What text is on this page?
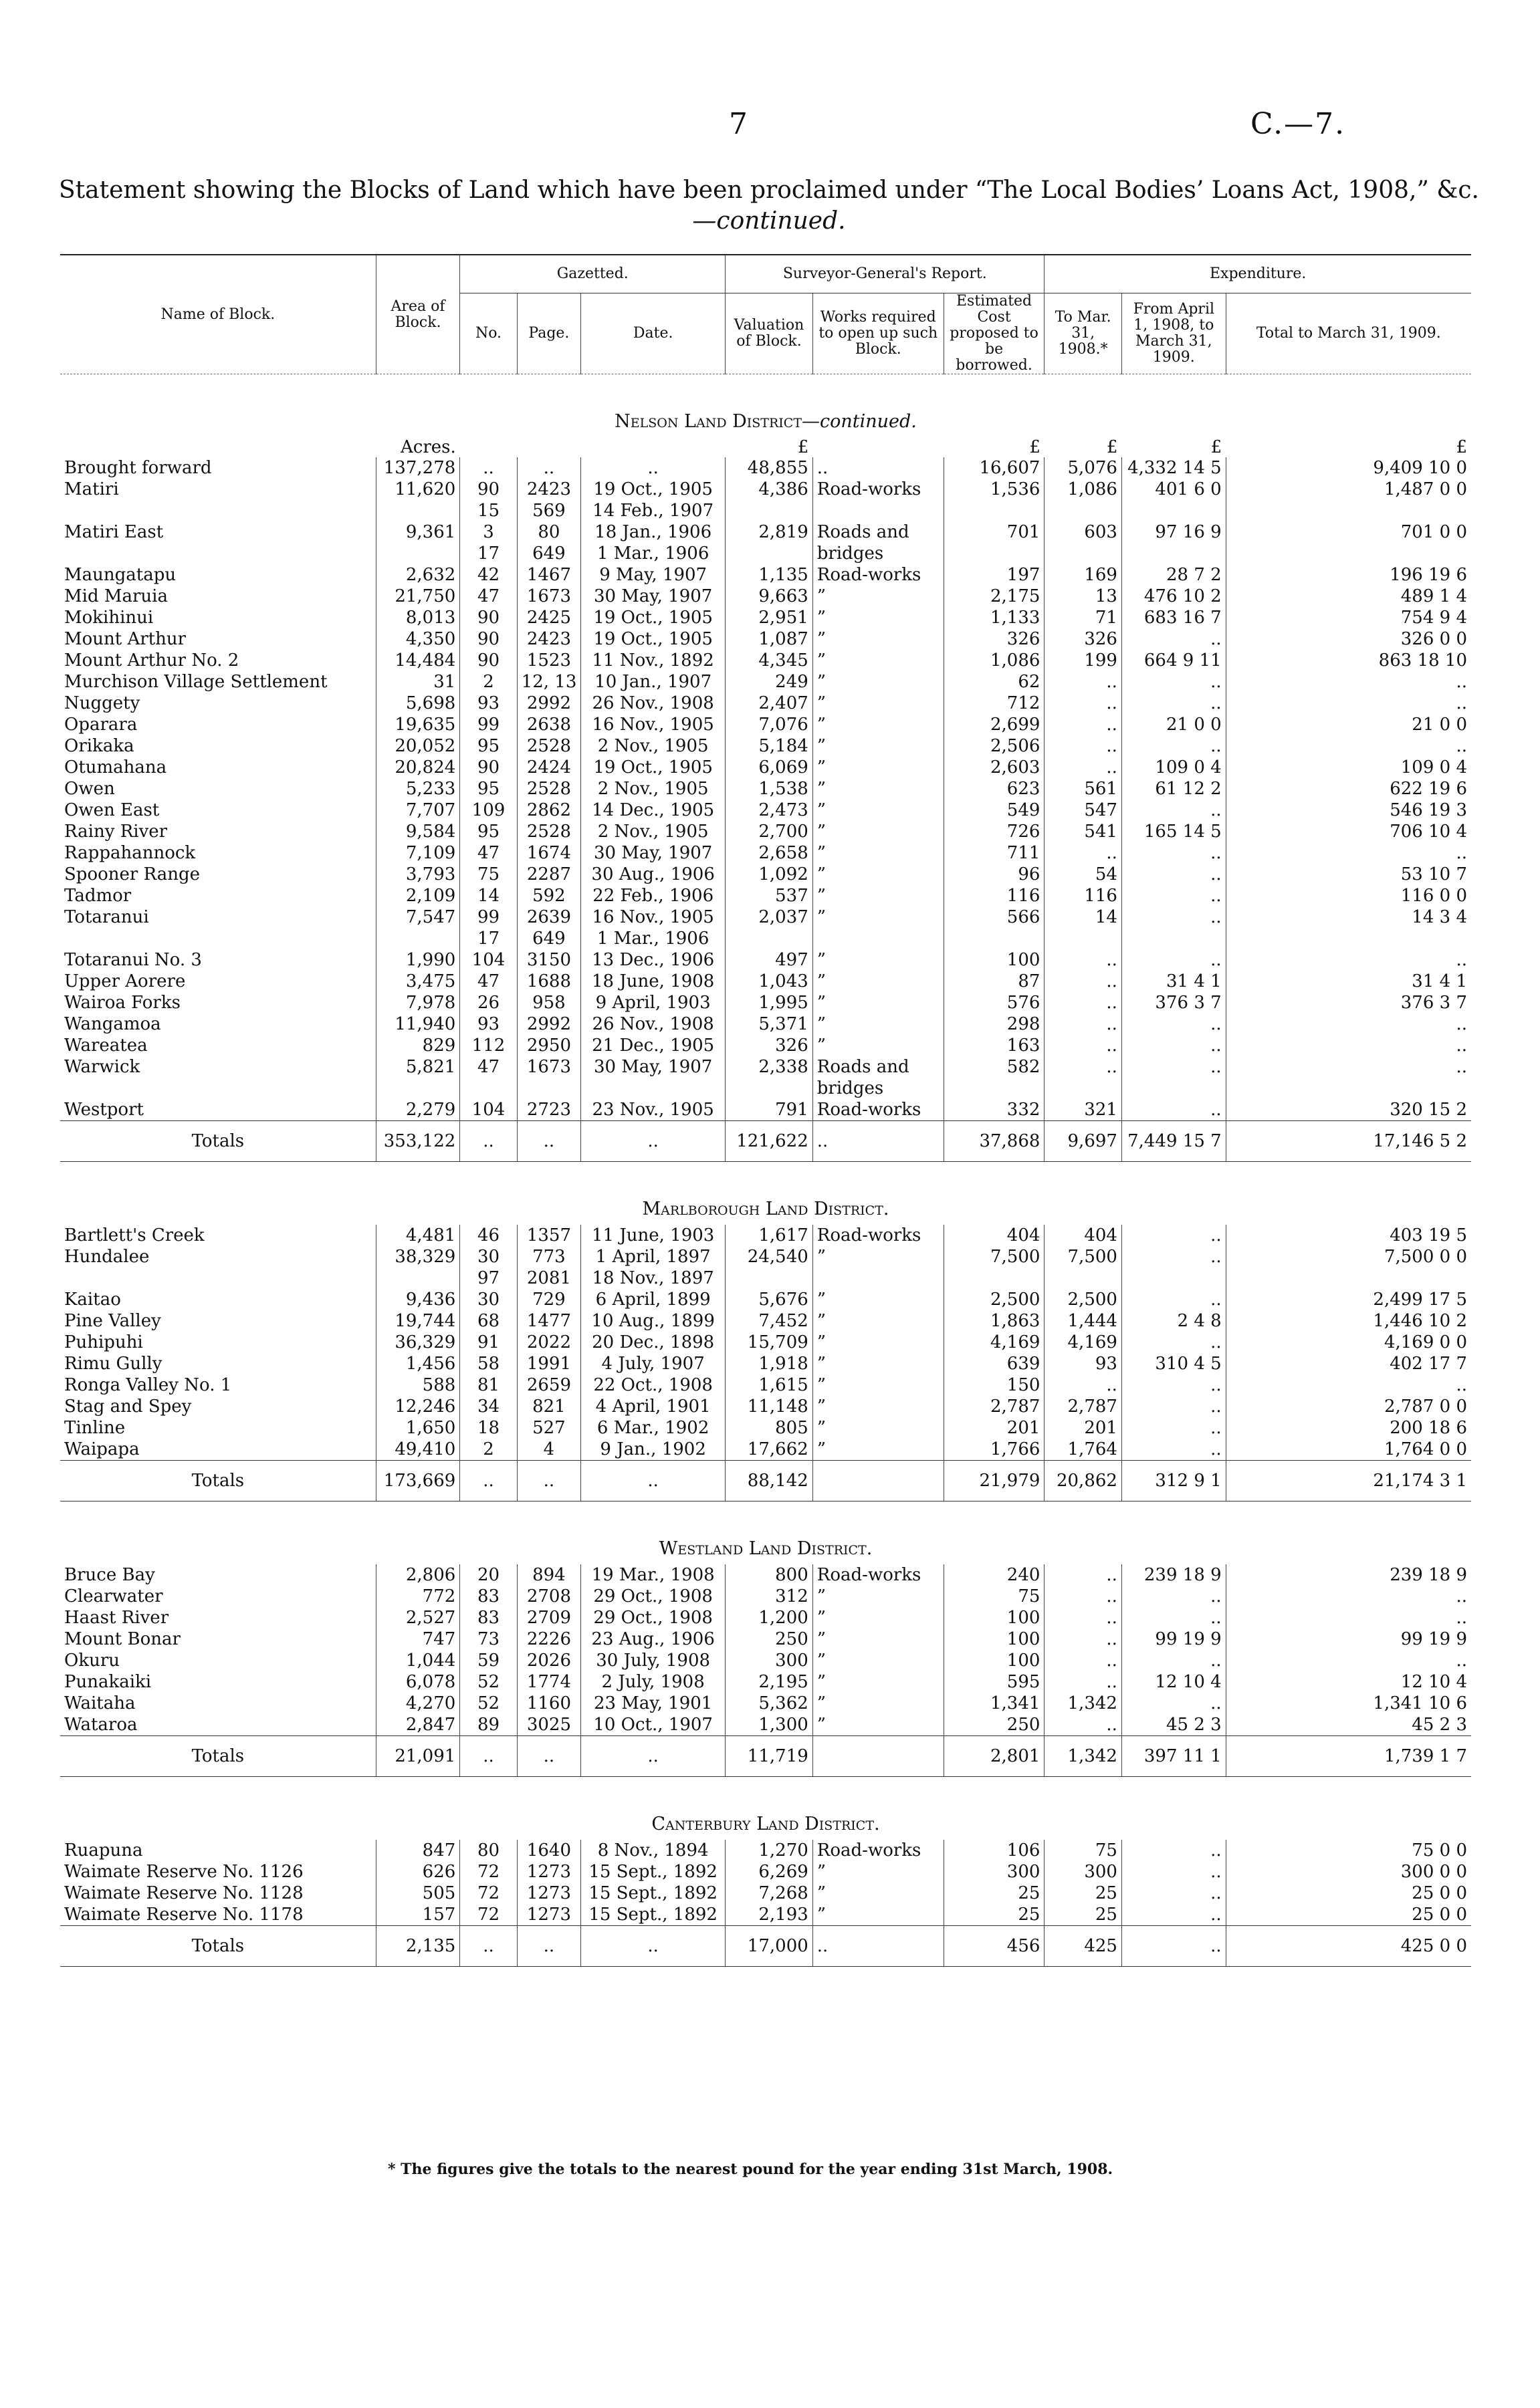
7	C.—7.
Statement showing the Blocks of Land which have been proclaimed under “The Local Bodies’ Loans Act, 1908,” &c.
—continued.
Name of Block.	Area of Block.	Gazetted.			Surveyor-General's Report.			Expenditure.		
		No.	Page.	Date.	Valuation of Block.	Works required to open up such Block.	Estimated Cost proposed to be borrowed.	To Mar. 31, 1908.*	From April 1, 1908, to March 31, 1909.	Total to March 31, 1909.
Nelson Land District—continued.										
	Acres.				£		£	£	£	£
Brought forward	137,278	..	..	..	48,855	..	16,607	5,076	4,332 14 5	9,409 10 0
Matiri	11,620	90	2423	19 Oct., 1905	4,386	Road-works	1,536	1,086	401 6 0	1,487 0 0
		15	569	14 Feb., 1907						
Matiri East	9,361	3	80	18 Jan., 1906	2,819	Roads and	701	603	97 16 9	701 0 0
		17	649	1 Mar., 1906		bridges				
Maungatapu	2,632	42	1467	9 May, 1907	1,135	Road-works	197	169	28 7 2	196 19 6
Mid Maruia	21,750	47	1673	30 May, 1907	9,663	”	2,175	13	476 10 2	489 1 4
Mokihinui	8,013	90	2425	19 Oct., 1905	2,951	”	1,133	71	683 16 7	754 9 4
Mount Arthur	4,350	90	2423	19 Oct., 1905	1,087	”	326	326	..	326 0 0
Mount Arthur No. 2	14,484	90	1523	11 Nov., 1892	4,345	”	1,086	199	664 9 11	863 18 10
Murchison Village Settlement	31	2	12, 13	10 Jan., 1907	249	”	62	..	..	..
Nuggety	5,698	93	2992	26 Nov., 1908	2,407	”	712	..	..	..
Oparara	19,635	99	2638	16 Nov., 1905	7,076	”	2,699	..	21 0 0	21 0 0
Orikaka	20,052	95	2528	2 Nov., 1905	5,184	”	2,506	..	..	..
Otumahana	20,824	90	2424	19 Oct., 1905	6,069	”	2,603	..	109 0 4	109 0 4
Owen	5,233	95	2528	2 Nov., 1905	1,538	”	623	561	61 12 2	622 19 6
Owen East	7,707	109	2862	14 Dec., 1905	2,473	”	549	547	..	546 19 3
Rainy River	9,584	95	2528	2 Nov., 1905	2,700	”	726	541	165 14 5	706 10 4
Rappahannock	7,109	47	1674	30 May, 1907	2,658	”	711	..	..	..
Spooner Range	3,793	75	2287	30 Aug., 1906	1,092	”	96	54	..	53 10 7
Tadmor	2,109	14	592	22 Feb., 1906	537	”	116	116	..	116 0 0
Totaranui	7,547	99	2639	16 Nov., 1905	2,037	”	566	14	..	14 3 4
		17	649	1 Mar., 1906						
Totaranui No. 3	1,990	104	3150	13 Dec., 1906	497	”	100	..	..	..
Upper Aorere	3,475	47	1688	18 June, 1908	1,043	”	87	..	31 4 1	31 4 1
Wairoa Forks	7,978	26	958	9 April, 1903	1,995	”	576	..	376 3 7	376 3 7
Wangamoa	11,940	93	2992	26 Nov., 1908	5,371	”	298	..	..	..
Wareatea	829	112	2950	21 Dec., 1905	326	”	163	..	..	..
Warwick	5,821	47	1673	30 May, 1907	2,338	Roads and	582	..	..	..
						bridges				
Westport	2,279	104	2723	23 Nov., 1905	791	Road-works	332	321	..	320 15 2
Totals	353,122	..	..	..	121,622	..	37,868	9,697	7,449 15 7	17,146 5 2
Marlborough Land District.										
Bartlett's Creek	4,481	46	1357	11 June, 1903	1,617	Road-works	404	404	..	403 19 5
Hundalee	38,329	30	773	1 April, 1897	24,540	”	7,500	7,500	..	7,500 0 0
		97	2081	18 Nov., 1897						
Kaitao	9,436	30	729	6 April, 1899	5,676	”	2,500	2,500	..	2,499 17 5
Pine Valley	19,744	68	1477	10 Aug., 1899	7,452	”	1,863	1,444	2 4 8	1,446 10 2
Puhipuhi	36,329	91	2022	20 Dec., 1898	15,709	”	4,169	4,169	..	4,169 0 0
Rimu Gully	1,456	58	1991	4 July, 1907	1,918	”	639	93	310 4 5	402 17 7
Ronga Valley No. 1	588	81	2659	22 Oct., 1908	1,615	”	150	..	..	..
Stag and Spey	12,246	34	821	4 April, 1901	11,148	”	2,787	2,787	..	2,787 0 0
Tinline	1,650	18	527	6 Mar., 1902	805	”	201	201	..	200 18 6
Waipapa	49,410	2	4	9 Jan., 1902	17,662	”	1,766	1,764	..	1,764 0 0
Totals	173,669	..	..	..	88,142		21,979	20,862	312 9 1	21,174 3 1
Westland Land District.										
Bruce Bay	2,806	20	894	19 Mar., 1908	800	Road-works	240	..	239 18 9	239 18 9
Clearwater	772	83	2708	29 Oct., 1908	312	”	75	..	..	..
Haast River	2,527	83	2709	29 Oct., 1908	1,200	”	100	..	..	..
Mount Bonar	747	73	2226	23 Aug., 1906	250	”	100	..	99 19 9	99 19 9
Okuru	1,044	59	2026	30 July, 1908	300	”	100	..	..	..
Punakaiki	6,078	52	1774	2 July, 1908	2,195	”	595	..	12 10 4	12 10 4
Waitaha	4,270	52	1160	23 May, 1901	5,362	”	1,341	1,342	..	1,341 10 6
Wataroa	2,847	89	3025	10 Oct., 1907	1,300	”	250	..	45 2 3	45 2 3
Totals	21,091	..	..	..	11,719		2,801	1,342	397 11 1	1,739 1 7
Canterbury Land District.										
Ruapuna	847	80	1640	8 Nov., 1894	1,270	Road-works	106	75	..	75 0 0
Waimate Reserve No. 1126	626	72	1273	15 Sept., 1892	6,269	”	300	300	..	300 0 0
Waimate Reserve No. 1128	505	72	1273	15 Sept., 1892	7,268	”	25	25	..	25 0 0
Waimate Reserve No. 1178	157	72	1273	15 Sept., 1892	2,193	”	25	25	..	25 0 0
Totals	2,135	..	..	..	17,000	..	456	425	..	425 0 0
* The figures give the totals to the nearest pound for the year ending 31st March, 1908.
